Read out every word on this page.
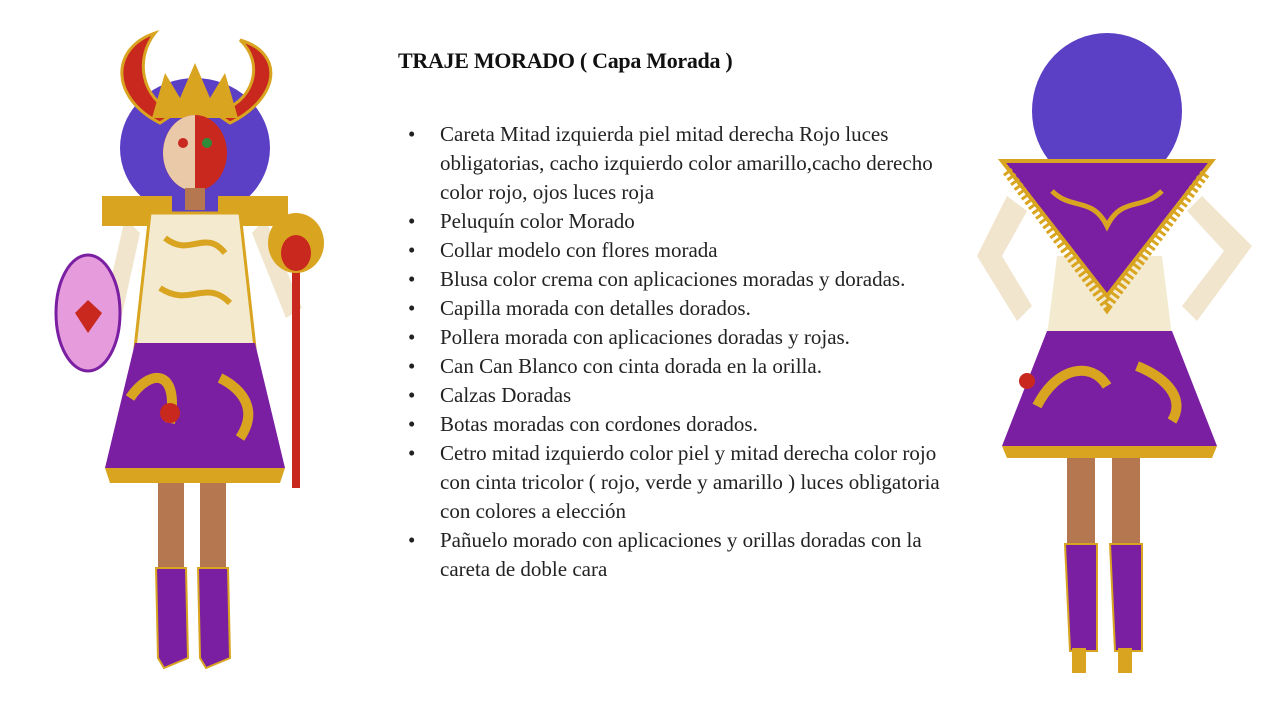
TRAJE MORADO ( Capa Morada )
• Careta Mitad izquierda piel mitad derecha Rojo luces obligatorias, cacho izquierdo color amarillo,cacho derecho color rojo, ojos luces roja
• Peluquín color Morado
• Collar modelo con flores morada
• Blusa color crema con aplicaciones moradas y doradas.
• Capilla morada con detalles dorados.
• Pollera morada con aplicaciones doradas y rojas.
• Can Can Blanco con cinta dorada en la orilla.
• Calzas Doradas
• Botas moradas con cordones dorados.
• Cetro mitad izquierdo color piel y mitad derecha color rojo con cinta tricolor ( rojo, verde y amarillo ) luces obligatoria con colores a elección
• Pañuelo morado con aplicaciones y orillas doradas con la careta de doble cara
